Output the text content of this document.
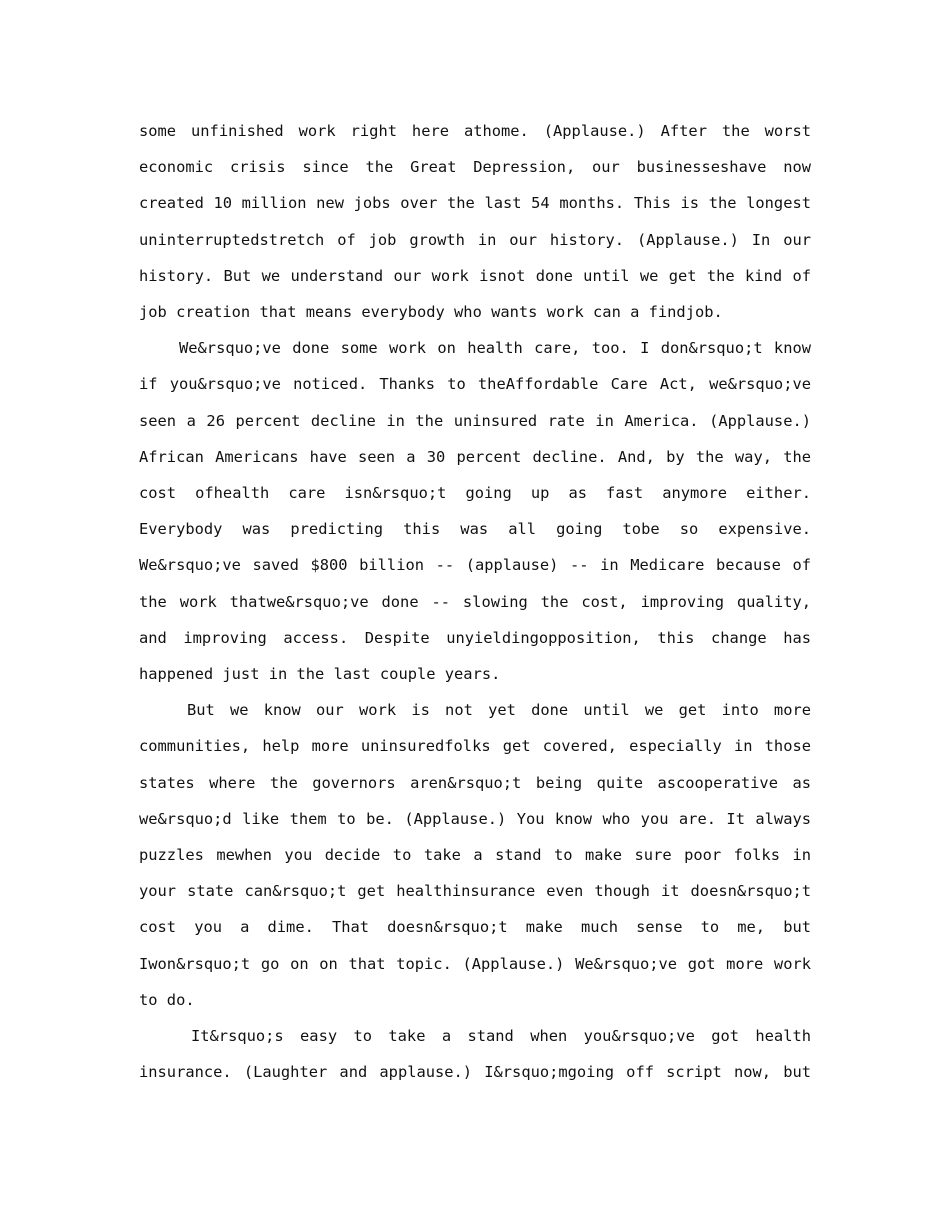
some unfinished work right here athome. (Applause.) After the worst
economic crisis since the Great Depression, our businesseshave now
created 10 million new jobs over the last 54 months. This is the longest
uninterruptedstretch of job growth in our history. (Applause.) In our
history. But we understand our work isnot done until we get the kind of
job creation that means everybody who wants work can a findjob.
We&rsquo;ve done some work on health care, too. I don&rsquo;t know
if you&rsquo;ve noticed. Thanks to theAffordable Care Act, we&rsquo;ve
seen a 26 percent decline in the uninsured rate in America. (Applause.)
African Americans have seen a 30 percent decline. And, by the way, the
cost ofhealth care isn&rsquo;t going up as fast anymore either.
Everybody was predicting this was all going tobe so expensive.
We&rsquo;ve saved $800 billion -- (applause) -- in Medicare because of
the work thatwe&rsquo;ve done -- slowing the cost, improving quality,
and improving access. Despite unyieldingopposition, this change has
happened just in the last couple years.
But we know our work is not yet done until we get into more
communities, help more uninsuredfolks get covered, especially in those
states where the governors aren&rsquo;t being quite ascooperative as
we&rsquo;d like them to be. (Applause.) You know who you are. It always
puzzles mewhen you decide to take a stand to make sure poor folks in
your state can&rsquo;t get healthinsurance even though it doesn&rsquo;t
cost you a dime. That doesn&rsquo;t make much sense to me, but
Iwon&rsquo;t go on on that topic. (Applause.) We&rsquo;ve got more work
to do.
It&rsquo;s easy to take a stand when you&rsquo;ve got health
insurance. (Laughter and applause.) I&rsquo;mgoing off script now, but
